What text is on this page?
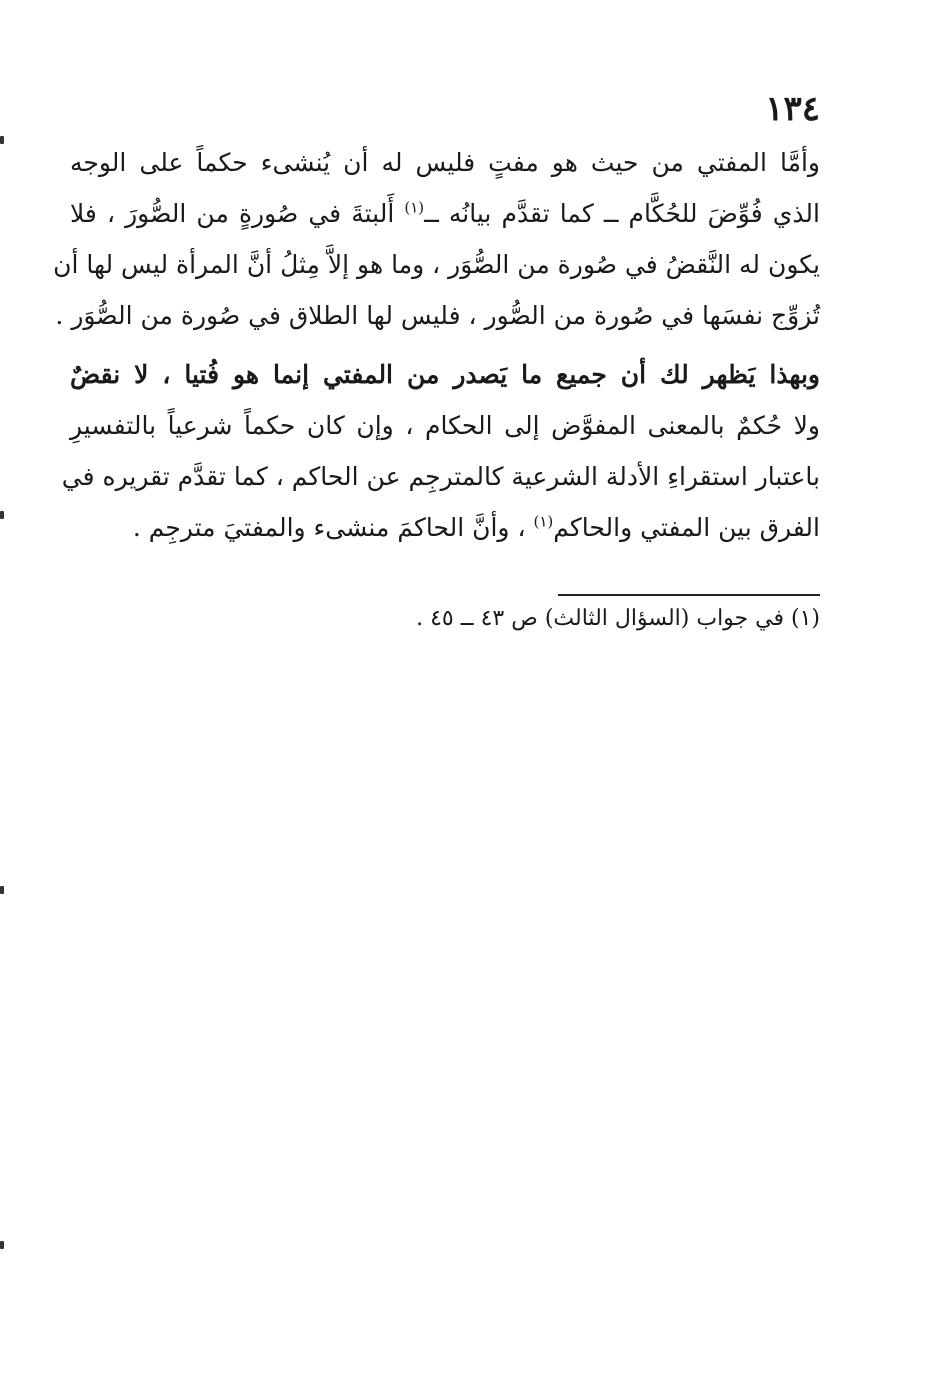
١٣٤
وأمَّا المفتي من حيث هو مفتٍ فليس له أن يُنشىء حكماً على الوجه
الذي فُوِّضَ للحُكَّام ــ كما تقدَّم بيانُه ــ$^{(١)}$ أَلبتةَ في صُورةٍ من الصُّورَ ، فلا
يكون له النَّقضُ في صُورة من الصُّوَر ، وما هو إلاَّ مِثلُ أنَّ المرأة ليس لها أن
تُزوِّج نفسَها في صُورة من الصُّور ، فليس لها الطلاق في صُورة من الصُّوَر .
وبهذا يَظهر لك أن جميع ما يَصدر من المفتي إنما هو فُتيا ، لا نقضٌ
ولا حُكمٌ بالمعنى المفوَّض إلى الحكام ، وإن كان حكماً شرعياً بالتفسيرِ
باعتبار استقراءِ الأدلة الشرعية كالمترجِم عن الحاكم ، كما تقدَّم تقريره في
الفرق بين المفتي والحاكم$^{(١)}$ ، وأنَّ الحاكمَ منشىء والمفتيَ مترجِم .
(١) في جواب (السؤال الثالث) ص ٤٣ ــ ٤٥ .
